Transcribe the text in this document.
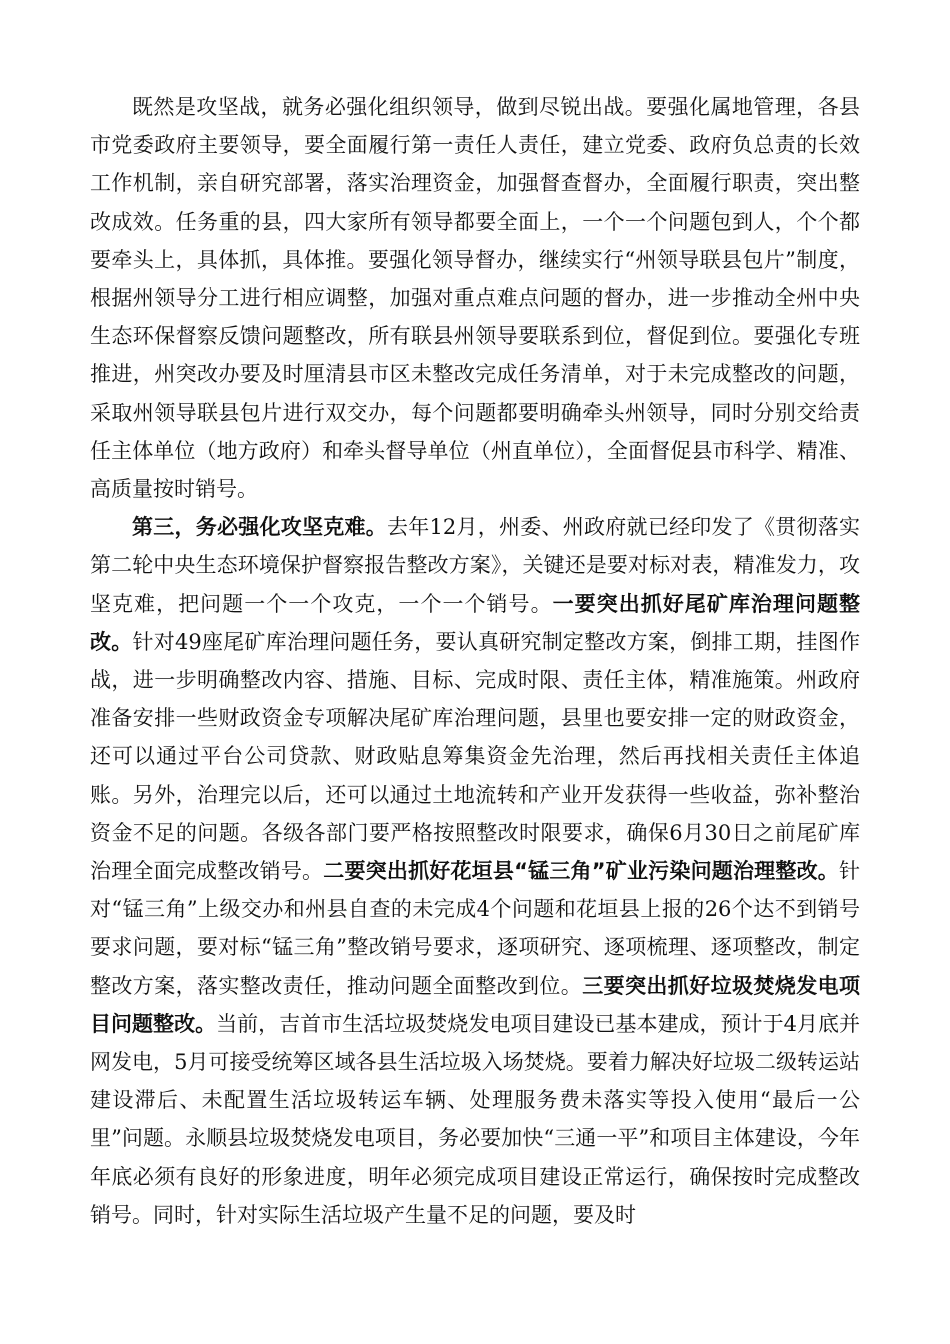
既然是攻坚战，就务必强化组织领导，做到尽锐出战。要强化属地管理，各县市党委政府主要领导，要全面履行第一责任人责任，建立党委、政府负总责的长效工作机制，亲自研究部署，落实治理资金，加强督查督办，全面履行职责，突出整改成效。任务重的县，四大家所有领导都要全面上，一个一个问题包到人，个个都要牵头上，具体抓，具体推。要强化领导督办，继续实行“州领导联县包片”制度，根据州领导分工进行相应调整，加强对重点难点问题的督办，进一步推动全州中央生态环保督察反馈问题整改，所有联县州领导要联系到位，督促到位。要强化专班推进，州突改办要及时厘清县市区未整改完成任务清单，对于未完成整改的问题，采取州领导联县包片进行双交办，每个问题都要明确牵头州领导，同时分别交给责任主体单位（地方政府）和牵头督导单位（州直单位），全面督促县市科学、精准、高质量按时销号。

第三，务必强化攻坚克难。去年12月，州委、州政府就已经印发了《贯彻落实第二轮中央生态环境保护督察报告整改方案》，关键还是要对标对表，精准发力，攻坚克难，把问题一个一个攻克，一个一个销号。一要突出抓好尾矿库治理问题整改。针对49座尾矿库治理问题任务，要认真研究制定整改方案，倒排工期，挂图作战，进一步明确整改内容、措施、目标、完成时限、责任主体，精准施策。州政府准备安排一些财政资金专项解决尾矿库治理问题，县里也要安排一定的财政资金，还可以通过平台公司贷款、财政贴息筹集资金先治理，然后再找相关责任主体追账。另外，治理完以后，还可以通过土地流转和产业开发获得一些收益，弥补整治资金不足的问题。各级各部门要严格按照整改时限要求，确保6月30日之前尾矿库治理全面完成整改销号。二要突出抓好花垣县“锰三角”矿业污染问题治理整改。针对“锰三角”上级交办和州县自查的未完成4个问题和花垣县上报的26个达不到销号要求问题，要对标“锰三角”整改销号要求，逐项研究、逐项梳理、逐项整改，制定整改方案，落实整改责任，推动问题全面整改到位。三要突出抓好垃圾焚烧发电项目问题整改。当前，吉首市生活垃圾焚烧发电项目建设已基本建成，预计于4月底并网发电，5月可接受统筹区域各县生活垃圾入场焚烧。要着力解决好垃圾二级转运站建设滞后、未配置生活垃圾转运车辆、处理服务费未落实等投入使用“最后一公里”问题。永顺县垃圾焚烧发电项目，务必要加快“三通一平”和项目主体建设，今年年底必须有良好的形象进度，明年必须完成项目建设正常运行，确保按时完成整改销号。同时，针对实际生活垃圾产生量不足的问题，要及时
